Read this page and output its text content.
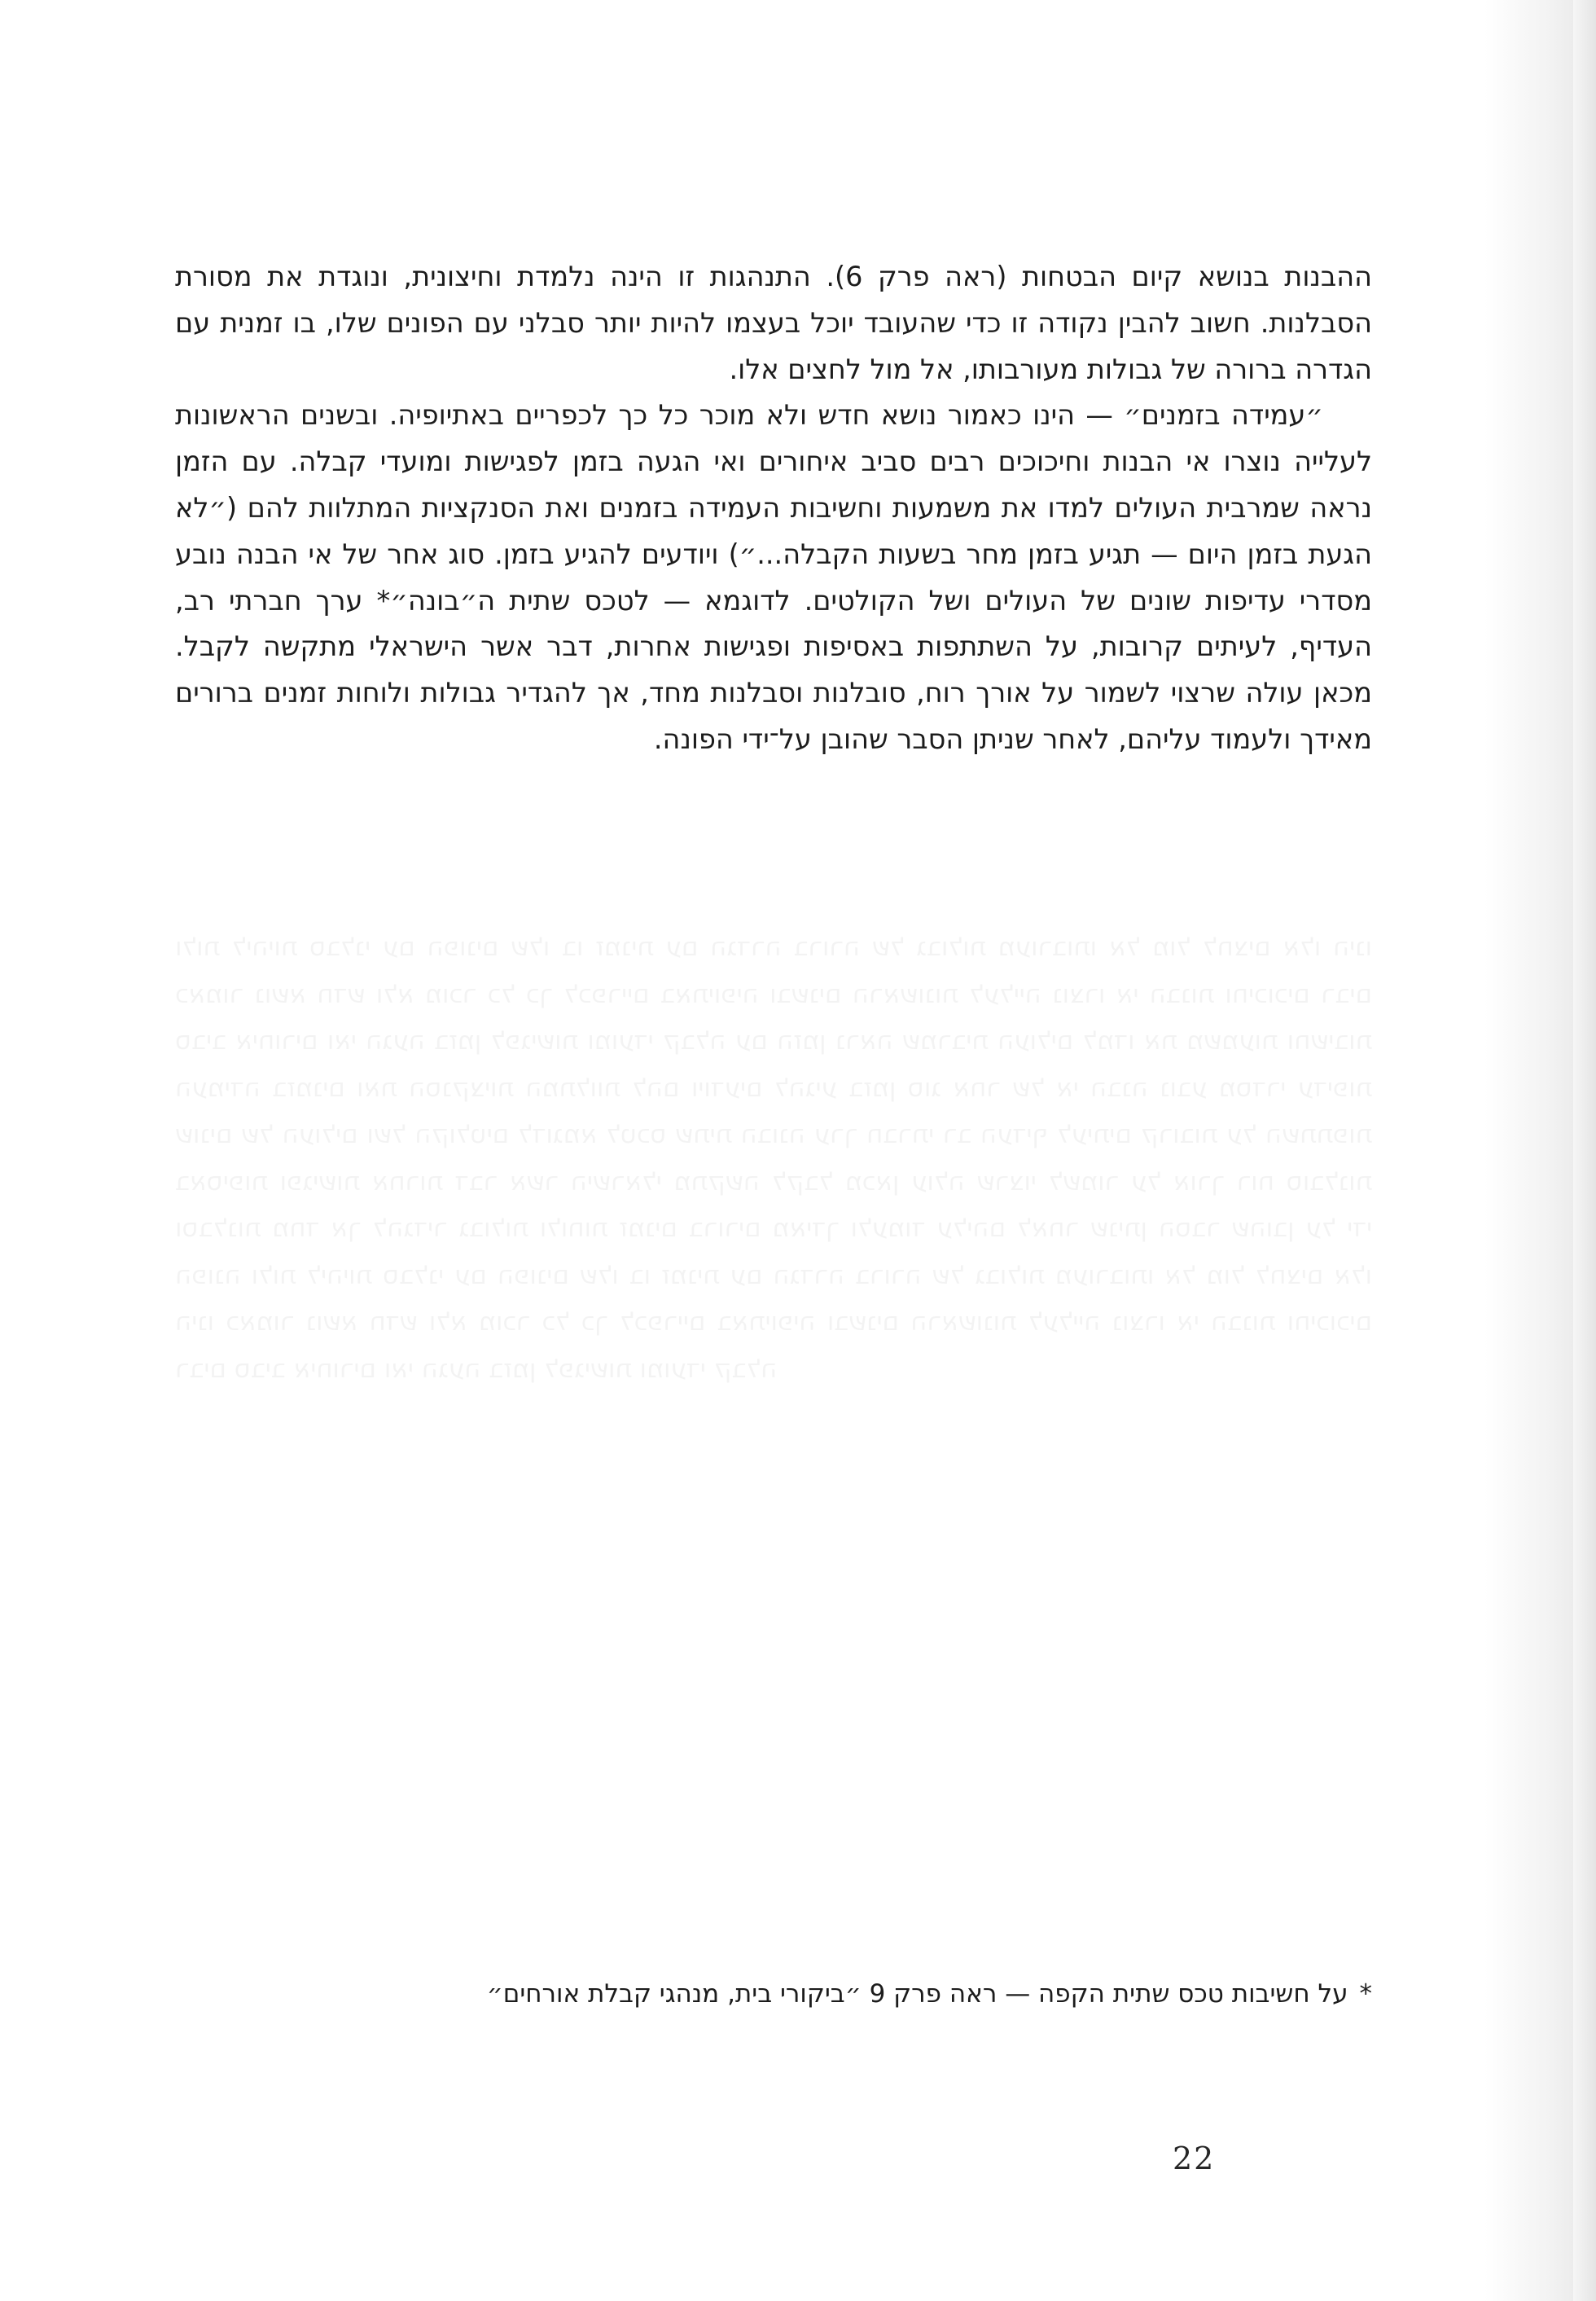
ההבנות בנושא קיום הבטחות (ראה פרק 6). התנהגות זו הינה נלמדת וחיצונית, ונוגדת את מסורת הסבלנות. חשוב להבין נקודה זו כדי שהעובד יוכל בעצמו להיות יותר סבלני עם הפונים שלו, בו זמנית עם הגדרה ברורה של גבולות מעורבותו, אל מול לחצים אלו.

״עמידה בזמנים״ — הינו כאמור נושא חדש ולא מוכר כל כך לכפריים באתיופיה. ובשנים הראשונות לעלייה נוצרו אי הבנות וחיכוכים רבים סביב איחורים ואי הגעה בזמן לפגישות ומועדי קבלה. עם הזמן נראה שמרבית העולים למדו את משמעות וחשיבות העמידה בזמנים ואת הסנקציות המתלוות להם (״לא הגעת בזמן היום — תגיע בזמן מחר בשעות הקבלה...״) ויודעים להגיע בזמן. סוג אחר של אי הבנה נובע מסדרי עדיפות שונים של העולים ושל הקולטים. לדוגמא — לטכס שתית ה״בונה״* ערך חברתי רב, העדיף, לעיתים קרובות, על השתתפות באסיפות ופגישות אחרות, דבר אשר הישראלי מתקשה לקבל. מכאן עולה שרצוי לשמור על אורך רוח, סובלנות וסבלנות מחד, אך להגדיר גבולות ולוחות זמנים ברורים מאידך ולעמוד עליהם, לאחר שניתן הסבר שהובן על־ידי הפונה.

*על חשיבות טכס שתית הקפה — ראה פרק 9 ״ביקורי בית, מנהגי קבלת אורחים״
22
